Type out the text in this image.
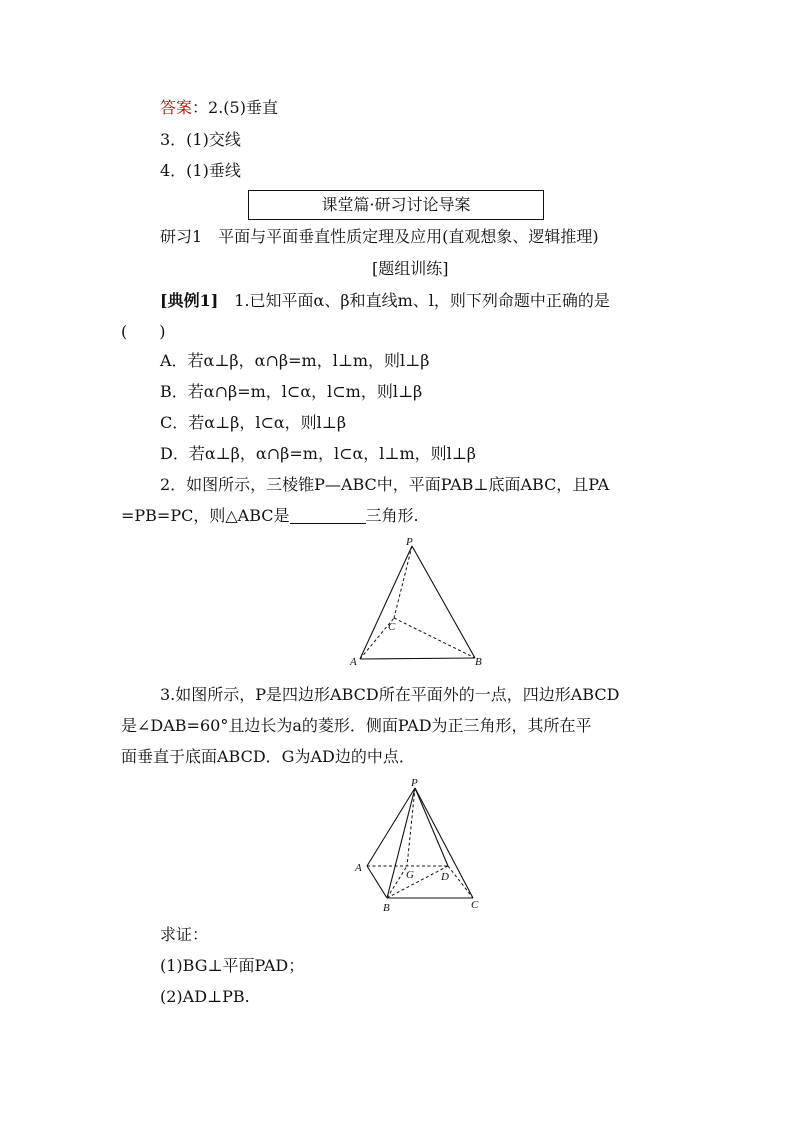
答案：2.(5)垂直
3．(1)交线
4．(1)垂线
课堂篇·研习讨论导案
研习1　平面与平面垂直性质定理及应用(直观想象、逻辑推理)
[题组训练]
[典例1]　1.已知平面α、β和直线m、l，则下列命题中正确的是
(　　)
A．若α⊥β，α∩β=m，l⊥m，则l⊥β
B．若α∩β=m，l⊂α，l⊂m，则l⊥β
C．若α⊥β，l⊂α，则l⊥β
D．若α⊥β，α∩β=m，l⊂α，l⊥m，则l⊥β
2．如图所示，三棱锥P—ABC中，平面PAB⊥底面ABC，且PA
=PB=PC，则△ABC是	三角形.
P
A	B
C
3.如图所示，P是四边形ABCD所在平面外的一点，四边形ABCD
是∠DAB=60°且边长为a的菱形．侧面PAD为正三角形，其所在平
面垂直于底面ABCD．G为AD边的中点．
P
A
G D
B	C
求证：
(1)BG⊥平面PAD；
(2)AD⊥PB.
